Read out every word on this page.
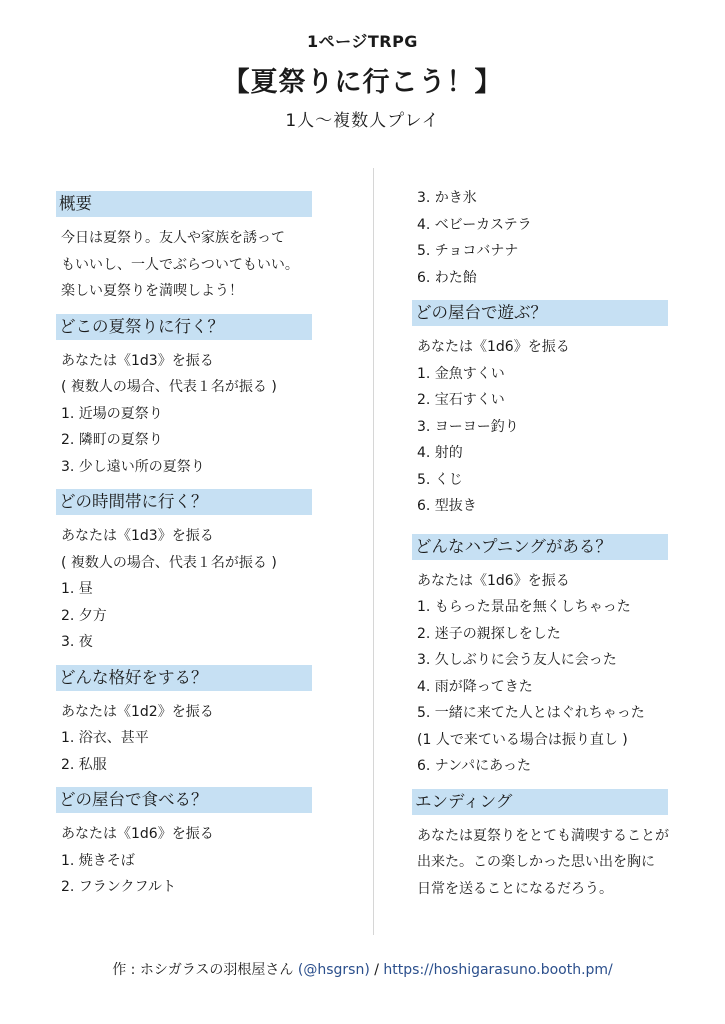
1ページTRPG
【夏祭りに行こう！】
1人〜複数人プレイ
概要
今日は夏祭り。友人や家族を誘って
もいいし、一人でぶらついてもいい。
楽しい夏祭りを満喫しよう！
どこの夏祭りに行く？
あなたは《1d3》を振る
( 複数人の場合、代表１名が振る )
1. 近場の夏祭り
2. 隣町の夏祭り
3. 少し遠い所の夏祭り
どの時間帯に行く？
あなたは《1d3》を振る
( 複数人の場合、代表１名が振る )
1. 昼
2. 夕方
3. 夜
どんな格好をする？
あなたは《1d2》を振る
1. 浴衣、甚平
2. 私服
どの屋台で食べる？
あなたは《1d6》を振る
1. 焼きそば
2. フランクフルト
3. かき氷
4. ベビーカステラ
5. チョコバナナ
6. わた飴
どの屋台で遊ぶ？
あなたは《1d6》を振る
1. 金魚すくい
2. 宝石すくい
3. ヨーヨー釣り
4. 射的
5. くじ
6. 型抜き
どんなハプニングがある？
あなたは《1d6》を振る
1. もらった景品を無くしちゃった
2. 迷子の親探しをした
3. 久しぶりに会う友人に会った
4. 雨が降ってきた
5. 一緒に来てた人とはぐれちゃった
(1 人で来ている場合は振り直し )
6. ナンパにあった
エンディング
あなたは夏祭りをとても満喫することが
出来た。この楽しかった思い出を胸に
日常を送ることになるだろう。
作 : ホシガラスの羽根屋さん (@hsgrsn) / https://hoshigarasuno.booth.pm/
